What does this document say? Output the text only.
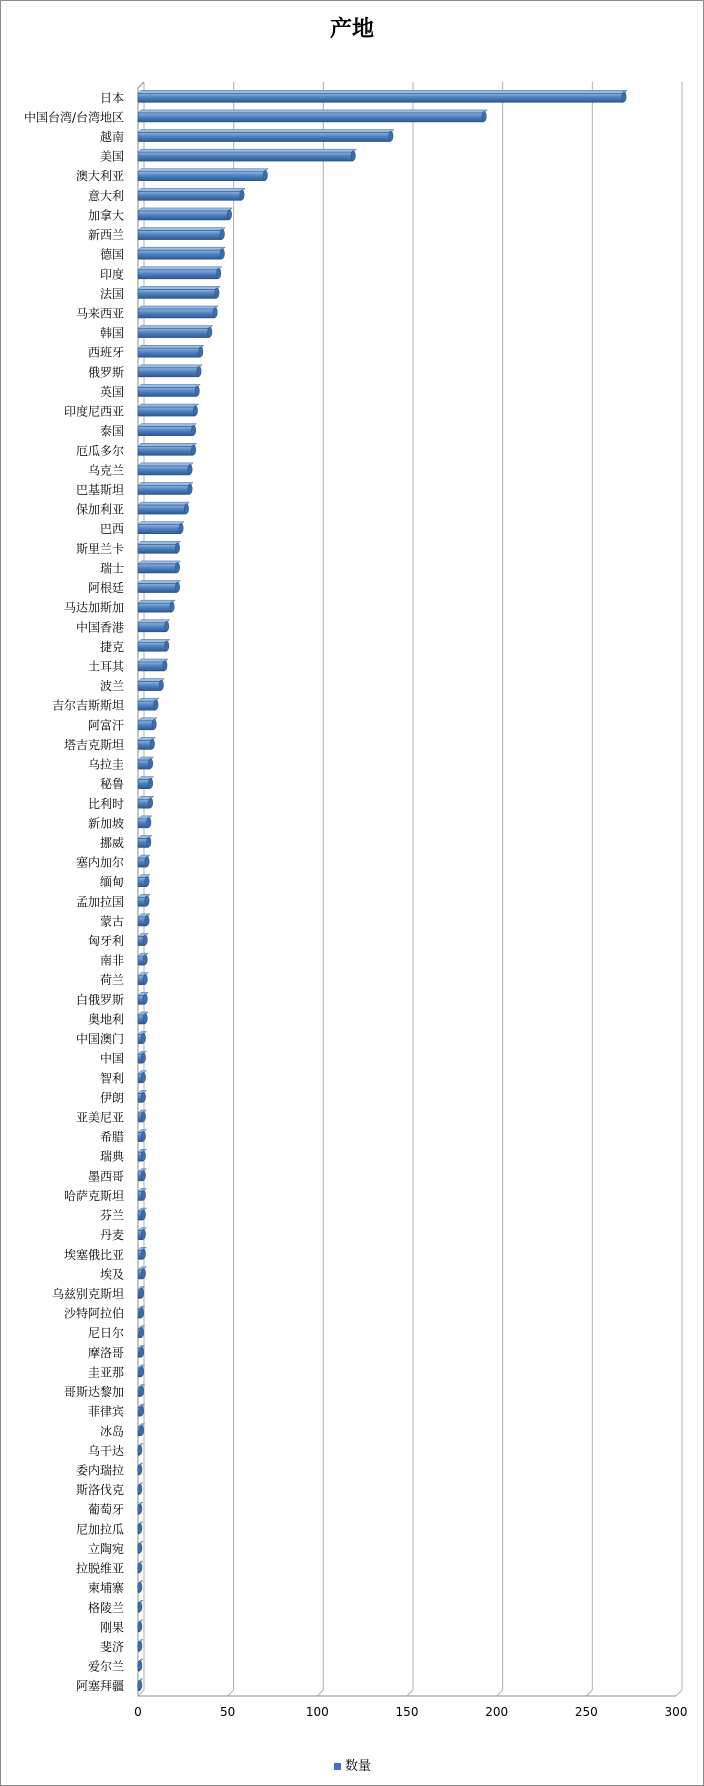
产地
日本
中国台湾/台湾地区
越南
美国
澳大利亚
意大利
加拿大
新西兰
德国
印度
法国
马来西亚
韩国
西班牙
俄罗斯
英国
印度尼西亚
泰国
厄瓜多尔
乌克兰
巴基斯坦
保加利亚
巴西
斯里兰卡
瑞士
阿根廷
马达加斯加
中国香港
捷克
土耳其
波兰
吉尔吉斯斯坦
阿富汗
塔吉克斯坦
乌拉圭
秘鲁
比利时
新加坡
挪威
塞内加尔
缅甸
孟加拉国
蒙古
匈牙利
南非
荷兰
白俄罗斯
奥地利
中国澳门
中国
智利
伊朗
亚美尼亚
希腊
瑞典
墨西哥
哈萨克斯坦
芬兰
丹麦
埃塞俄比亚
埃及
乌兹别克斯坦
沙特阿拉伯
尼日尔
摩洛哥
圭亚那
哥斯达黎加
菲律宾
冰岛
乌干达
委内瑞拉
斯洛伐克
葡萄牙
尼加拉瓜
立陶宛
拉脱维亚
柬埔寨
格陵兰
刚果
斐济
爱尔兰
阿塞拜疆
0	50	100	150	200	250	300
数量
